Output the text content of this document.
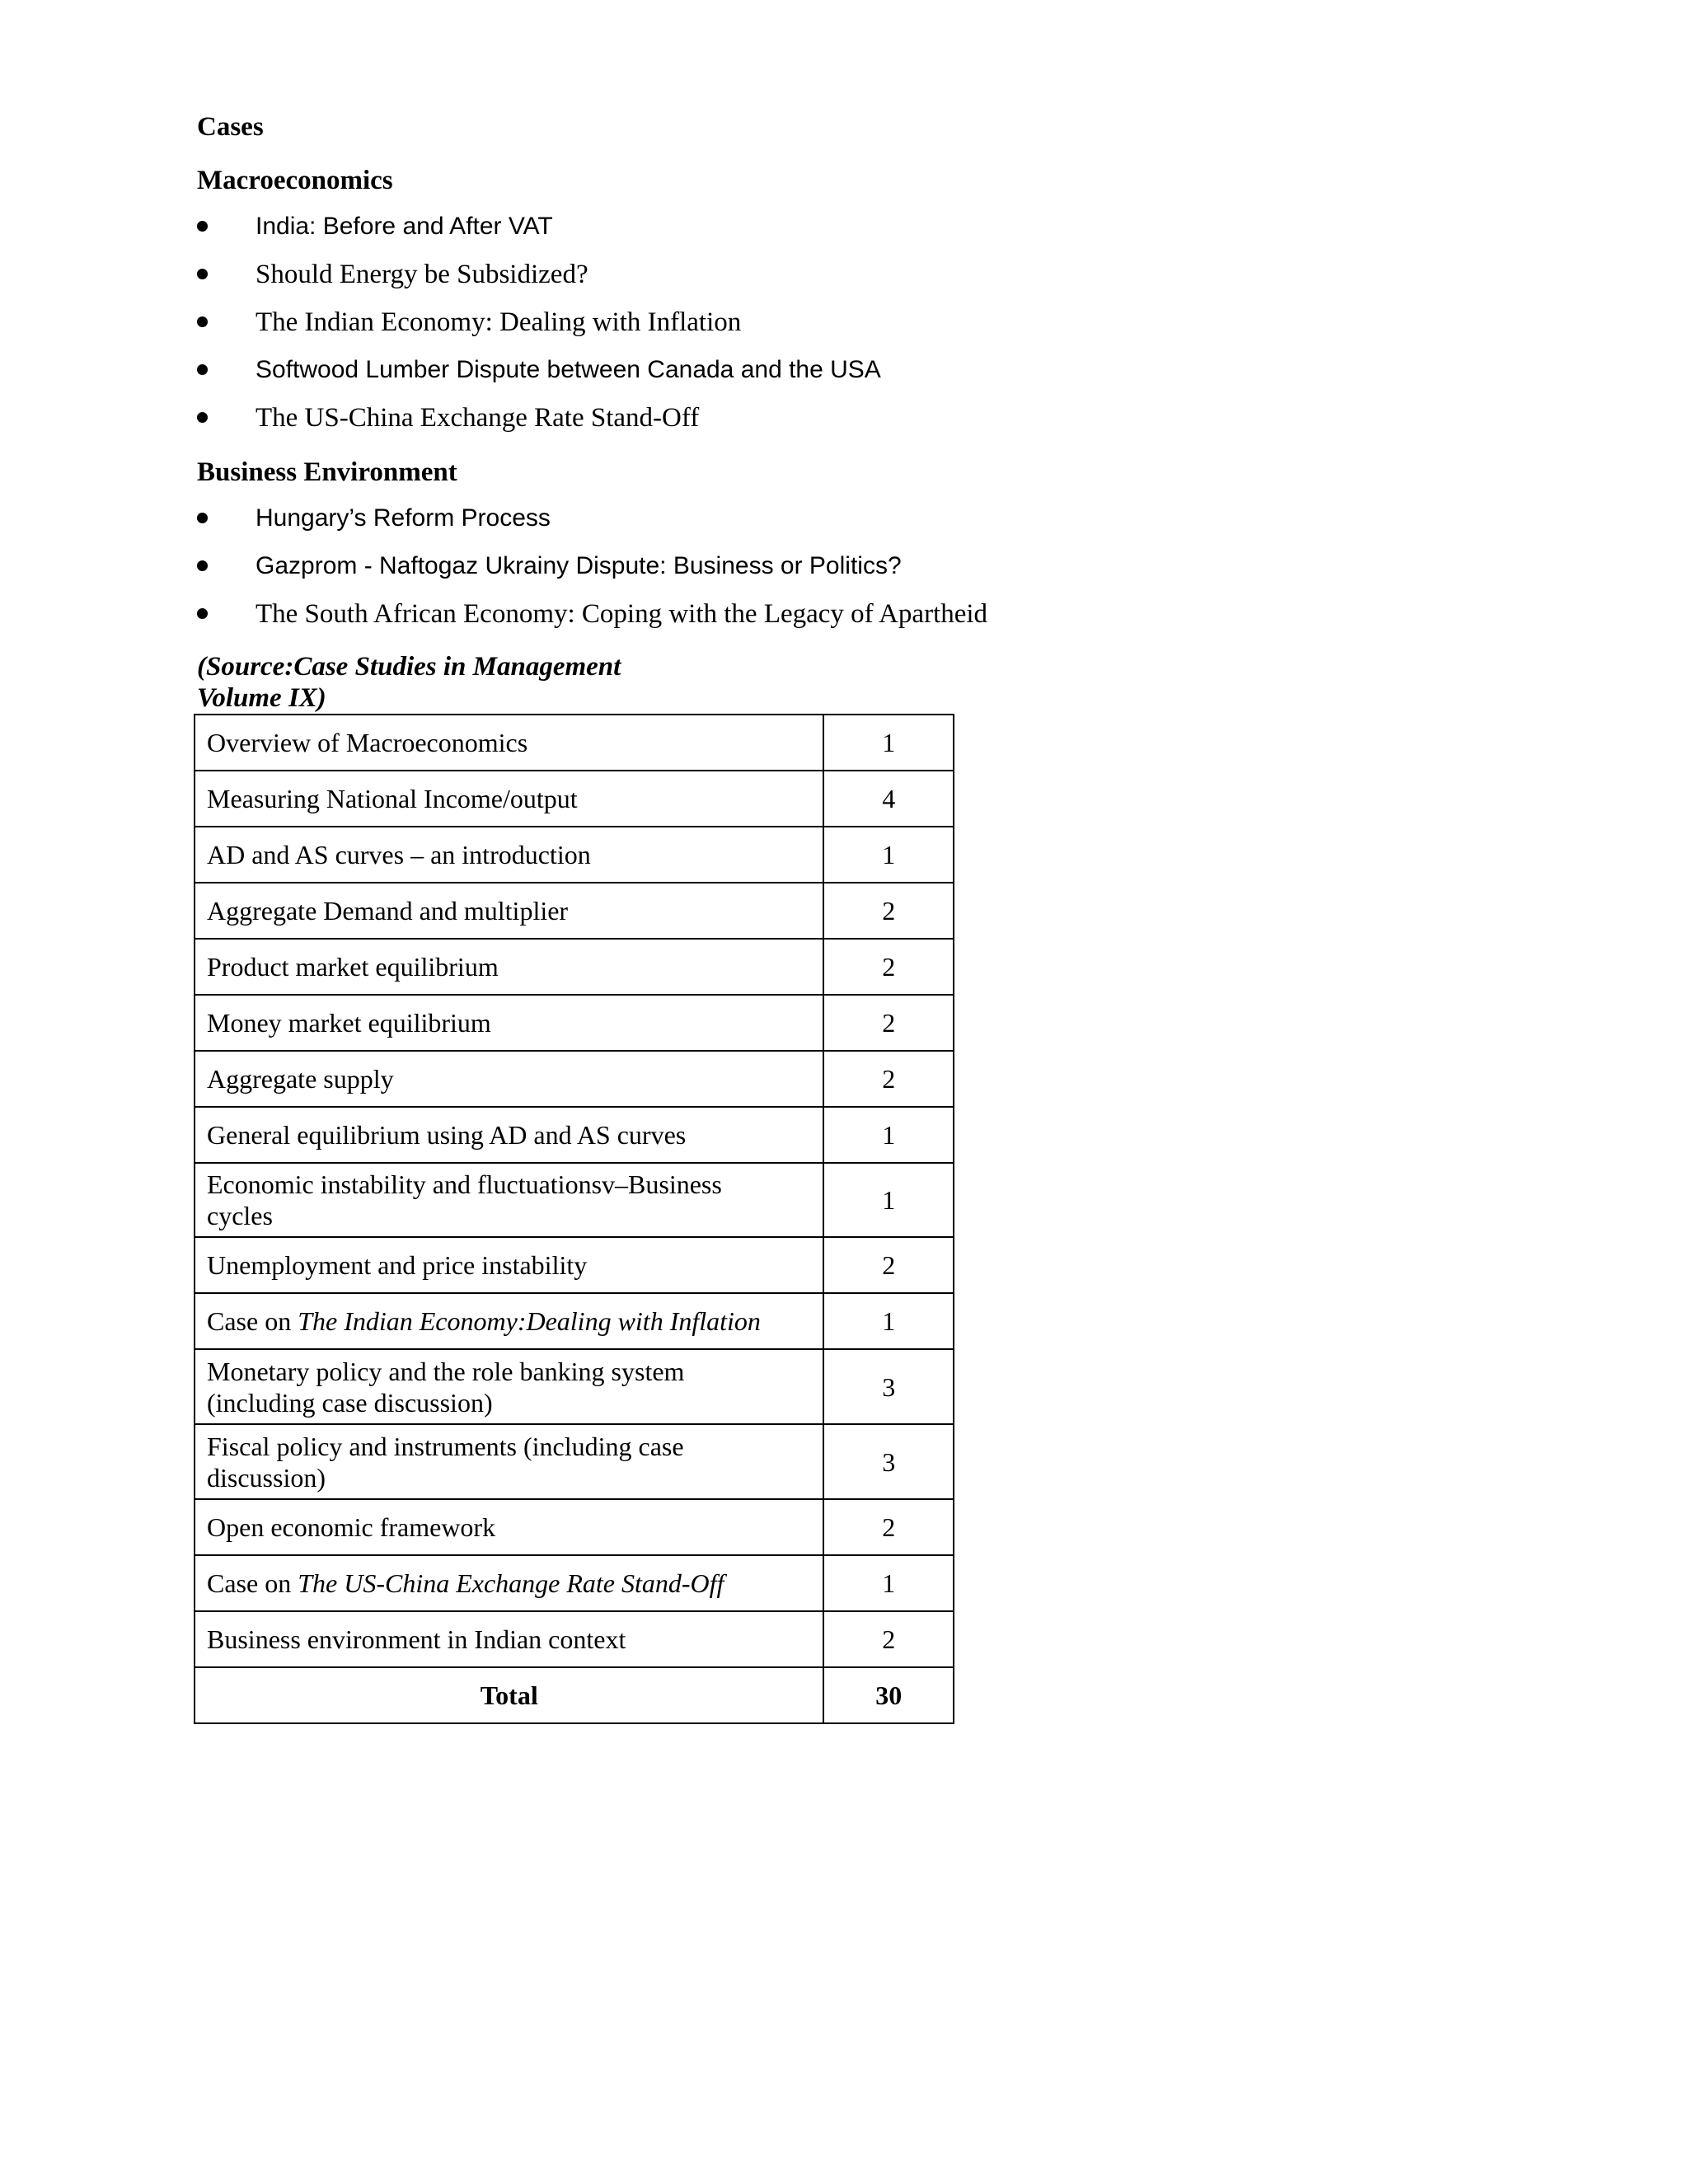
Cases

Macroeconomics

India: Before and After VAT
Should Energy be Subsidized?
The Indian Economy: Dealing with Inflation
Softwood Lumber Dispute between Canada and the USA
The US-China Exchange Rate Stand-Off

Business Environment

Hungary’s Reform Process
Gazprom - Naftogaz Ukrainy Dispute: Business or Politics?
The South African Economy: Coping with the Legacy of Apartheid

(Source:Case Studies in Management
Volume IX)

Overview of Macroeconomics	1
Measuring National Income/output	4
AD and AS curves – an introduction	1
Aggregate Demand and multiplier	2
Product market equilibrium	2
Money market equilibrium	2
Aggregate supply	2
General equilibrium using AD and AS curves	1
Economic instability and fluctuationsv–Business
cycles	1
Unemployment and price instability	2
Case on The Indian Economy:Dealing with Inflation	1
Monetary policy and the role banking system
(including case discussion)	3
Fiscal policy and instruments (including case
discussion)	3
Open economic framework	2
Case on The US-China Exchange Rate Stand-Off	1
Business environment in Indian context	2
Total	30
